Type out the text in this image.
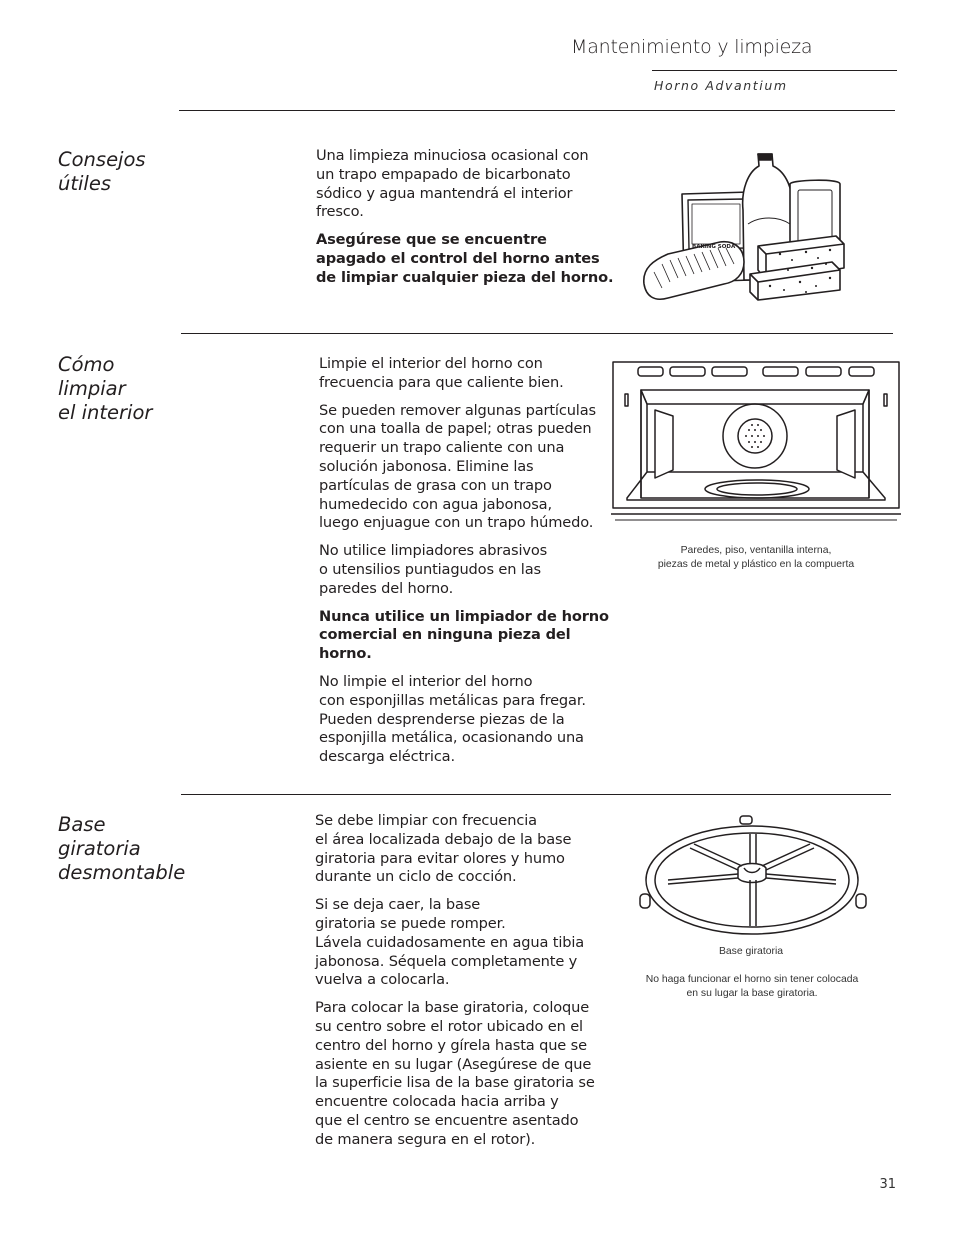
Mantenimiento y limpieza
Horno Advantium
Consejos
útiles

Una limpieza minuciosa ocasional con
un trapo empapado de bicarbonato
sódico y agua mantendrá el interior
fresco.

Asegúrese que se encuentre
apagado el control del horno antes
de limpiar cualquier pieza del horno.

BAKING SODA
Cómo
limpiar
el interior

Limpie el interior del horno con
frecuencia para que caliente bien.

Se pueden remover algunas partículas
con una toalla de papel; otras pueden
requerir un trapo caliente con una
solución jabonosa. Elimine las
partículas de grasa con un trapo
humedecido con agua jabonosa,
luego enjuague con un trapo húmedo.

No utilice limpiadores abrasivos
o utensilios puntiagudos en las
paredes del horno.

Nunca utilice un limpiador de horno
comercial en ninguna pieza del
horno.

No limpie el interior del horno
con esponjillas metálicas para fregar.
Pueden desprenderse piezas de la
esponjilla metálica, ocasionando una
descarga eléctrica.

Paredes, piso, ventanilla interna,
piezas de metal y plástico en la compuerta
Base
giratoria
desmontable

Se debe limpiar con frecuencia
el área localizada debajo de la base
giratoria para evitar olores y humo
durante un ciclo de cocción.

Si se deja caer, la base
giratoria se puede romper.
Lávela cuidadosamente en agua tibia
jabonosa. Séquela completamente y
vuelva a colocarla.

Para colocar la base giratoria, coloque
su centro sobre el rotor ubicado en el
centro del horno y gírela hasta que se
asiente en su lugar (Asegúrese de que
la superficie lisa de la base giratoria se
encuentre colocada hacia arriba y
que el centro se encuentre asentado
de manera segura en el rotor).

Base giratoria
No haga funcionar el horno sin tener colocada
en su lugar la base giratoria.
31
